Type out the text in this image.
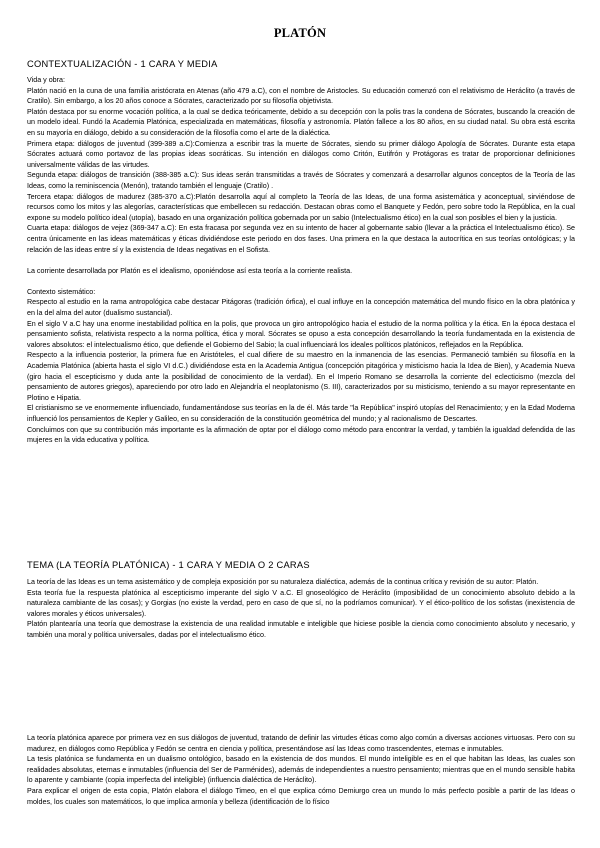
PLATÓN
CONTEXTUALIZACIÓN - 1 CARA Y MEDIA

Vida y obra:

Platón nació en la cuna de una familia aristócrata en Atenas (año 479 a.C), con el nombre de Aristocles. Su educación comenzó con el relativismo de Heráclito (a través de Cratilo). Sin embargo, a los 20 años conoce a Sócrates, caracterizado por su filosofía objetivista.

Platón destaca por su enorme vocación política, a la cual se dedica teóricamente, debido a su decepción con la polis tras la condena de Sócrates, buscando la creación de un modelo ideal. Fundó la Academia Platónica, especializada en matemáticas, filosofía y astronomía. Platón fallece a los 80 años, en su ciudad natal. Su obra está escrita en su mayoría en diálogo, debido a su consideración de la filosofía como el arte de la dialéctica.

Primera etapa: diálogos de juventud (399-389 a.C):Comienza a escribir tras la muerte de Sócrates, siendo su primer diálogo Apología de Sócrates. Durante esta etapa Sócrates actuará como portavoz de las propias ideas socráticas. Su intención en diálogos como Critón, Eutifrón y Protágoras es tratar de proporcionar definiciones universalmente válidas de las virtudes.

Segunda etapa: diálogos de transición (388-385 a.C): Sus ideas serán transmitidas a través de Sócrates y comenzará a desarrollar algunos conceptos de la Teoría de las Ideas, como la reminiscencia (Menón), tratando también el lenguaje (Cratilo) .

Tercera etapa: diálogos de madurez (385-370 a.C):Platón desarrolla aquí al completo la Teoría de las Ideas, de una forma asistemática y aconceptual, sirviéndose de recursos como los mitos y las alegorías, características que embellecen su redacción. Destacan obras como el Banquete y Fedón, pero sobre todo la República, en la cual expone su modelo político ideal (utopía), basado en una organización política gobernada por un sabio (Intelectualismo ético) en la cual son posibles el bien y la justicia.

Cuarta etapa: diálogos de vejez (369-347 a.C): En esta fracasa por segunda vez en su intento de hacer al gobernante sabio (llevar a la práctica el Intelectualismo ético). Se centra únicamente en las ideas matemáticas y éticas dividiéndose este periodo en dos fases. Una primera en la que destaca la autocrítica en sus teorías ontológicas; y la relación de las ideas entre sí y la existencia de Ideas negativas en el Sofista.

La corriente desarrollada por Platón es el idealismo, oponiéndose así esta teoría a la corriente realista.

Contexto sistemático:

Respecto al estudio en la rama antropológica cabe destacar Pitágoras (tradición órfica), el cual influye en la concepción matemática del mundo físico en la obra platónica y en la del alma del autor (dualismo sustancial).

En el siglo V a.C hay una enorme inestabilidad política en la polis, que provoca un giro antropológico hacia el estudio de la norma política y la ética. En la época destaca el pensamiento sofista, relativista respecto a la norma política, ética y moral. Sócrates se opuso a esta concepción desarrollando la teoría fundamentada en la existencia de valores absolutos: el intelectualismo ético, que defiende el Gobierno del Sabio; la cual influenciará los ideales políticos platónicos, reflejados en la República.

Respecto a la influencia posterior, la primera fue en Aristóteles, el cual difiere de su maestro en la inmanencia de las esencias. Permaneció también su filosofía en la Academia Platónica (abierta hasta el siglo VI d.C.) dividiéndose esta en la Academia Antigua (concepción pitagórica y misticismo hacia la Idea de Bien), y Academia Nueva (giro hacia el escepticismo y duda ante la posibilidad de conocimiento de la verdad). En el Imperio Romano se desarrolla la corriente del eclecticismo (mezcla del pensamiento de autores griegos), apareciendo por otro lado en Alejandría el neoplatonismo (S. III), caracterizados por su misticismo, teniendo a su mayor representante en Plotino e Hipatia.

El cristianismo se ve enormemente influenciado, fundamentándose sus teorías en la de él. Más tarde "la República" inspiró utopías del Renacimiento; y en la Edad Moderna influenció los pensamientos de Kepler y Galileo, en su consideración de la constitución geométrica del mundo; y al racionalismo de Descartes.

Concluimos con que su contribución más importante es la afirmación de optar por el diálogo como método para encontrar la verdad, y también la igualdad defendida de las mujeres en la vida educativa y política.

TEMA (LA TEORÍA PLATÓNICA) - 1 CARA Y MEDIA O 2 CARAS

La teoría de las Ideas es un tema asistemático y de compleja exposición por su naturaleza dialéctica, además de la continua crítica y revisión de su autor: Platón.

Esta teoría fue la respuesta platónica al escepticismo imperante del siglo V a.C. El gnoseológico de Heráclito (imposibilidad de un conocimiento absoluto debido a la naturaleza cambiante de las cosas); y Gorgias (no existe la verdad, pero en caso de que sí, no la podríamos comunicar). Y el ético-político de los sofistas (inexistencia de valores morales y éticos universales).

Platón plantearía una teoría que demostrase la existencia de una realidad inmutable e inteligible que hiciese posible la ciencia como conocimiento absoluto y necesario, y también una moral y política universales, dadas por el intelectualismo ético.

La teoría platónica aparece por primera vez en sus diálogos de juventud, tratando de definir las virtudes éticas como algo común a diversas acciones virtuosas. Pero con su madurez, en diálogos como República y Fedón se centra en ciencia y política, presentándose así las Ideas como trascendentes, eternas e inmutables.

La tesis platónica se fundamenta en un dualismo ontológico, basado en la existencia de dos mundos. El mundo inteligible es en el que habitan las Ideas, las cuales son realidades absolutas, eternas e inmutables (influencia del Ser de Parménides), además de independientes a nuestro pensamiento; mientras que en el mundo sensible habita lo aparente y cambiante (copia imperfecta del inteligible) (influencia dialéctica de Heráclito).

Para explicar el origen de esta copia, Platón elabora el diálogo Timeo, en el que explica cómo Demiurgo crea un mundo lo más perfecto posible a partir de las Ideas o moldes, los cuales son matemáticos, lo que implica armonía y belleza (identificación de lo físico
